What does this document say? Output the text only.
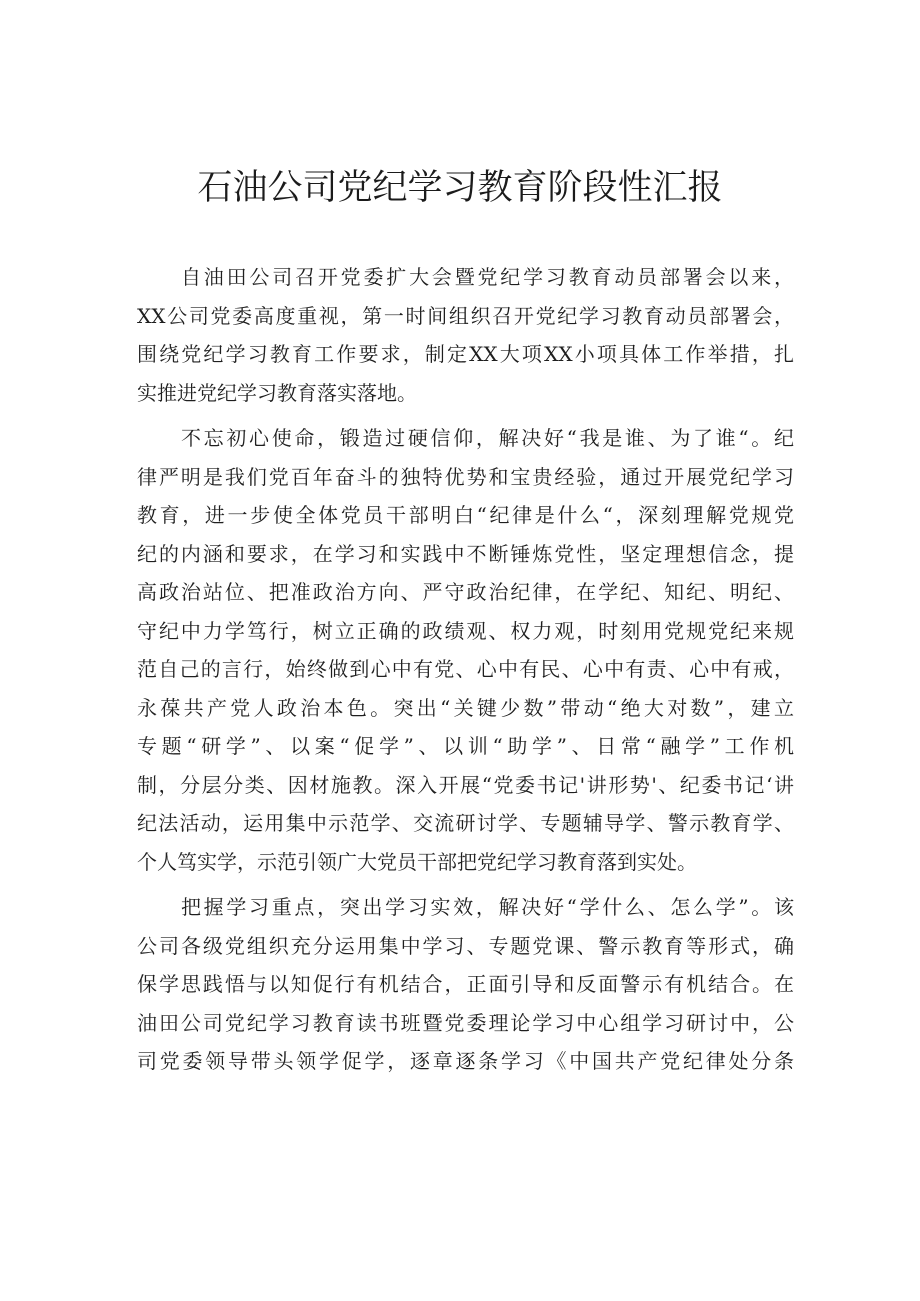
石油公司党纪学习教育阶段性汇报
自油田公司召开党委扩大会暨党纪学习教育动员部署会以来，
XX公司党委高度重视，第一时间组织召开党纪学习教育动员部署会，
围绕党纪学习教育工作要求，制定XX大项XX小项具体工作举措，扎
实推进党纪学习教育落实落地。
不忘初心使命，锻造过硬信仰，解决好“我是谁、为了谁“。纪
律严明是我们党百年奋斗的独特优势和宝贵经验，通过开展党纪学习
教育，进一步使全体党员干部明白“纪律是什么“，深刻理解党规党
纪的内涵和要求，在学习和实践中不断锤炼党性，坚定理想信念，提
高政治站位、把准政治方向、严守政治纪律，在学纪、知纪、明纪、
守纪中力学笃行，树立正确的政绩观、权力观，时刻用党规党纪来规
范自己的言行，始终做到心中有党、心中有民、心中有责、心中有戒，
永葆共产党人政治本色。突出“关键少数”带动“绝大对数”，建立
专题“研学”、以案“促学”、以训“助学”、日常“融学”工作机
制，分层分类、因材施教。深入开展“党委书记'讲形势'、纪委书记‘讲
纪法活动，运用集中示范学、交流研讨学、专题辅导学、警示教育学、
个人笃实学，示范引领广大党员干部把党纪学习教育落到实处。
把握学习重点，突出学习实效，解决好“学什么、怎么学”。该
公司各级党组织充分运用集中学习、专题党课、警示教育等形式，确
保学思践悟与以知促行有机结合，正面引导和反面警示有机结合。在
油田公司党纪学习教育读书班暨党委理论学习中心组学习研讨中，公
司党委领导带头领学促学，逐章逐条学习《中国共产党纪律处分条
